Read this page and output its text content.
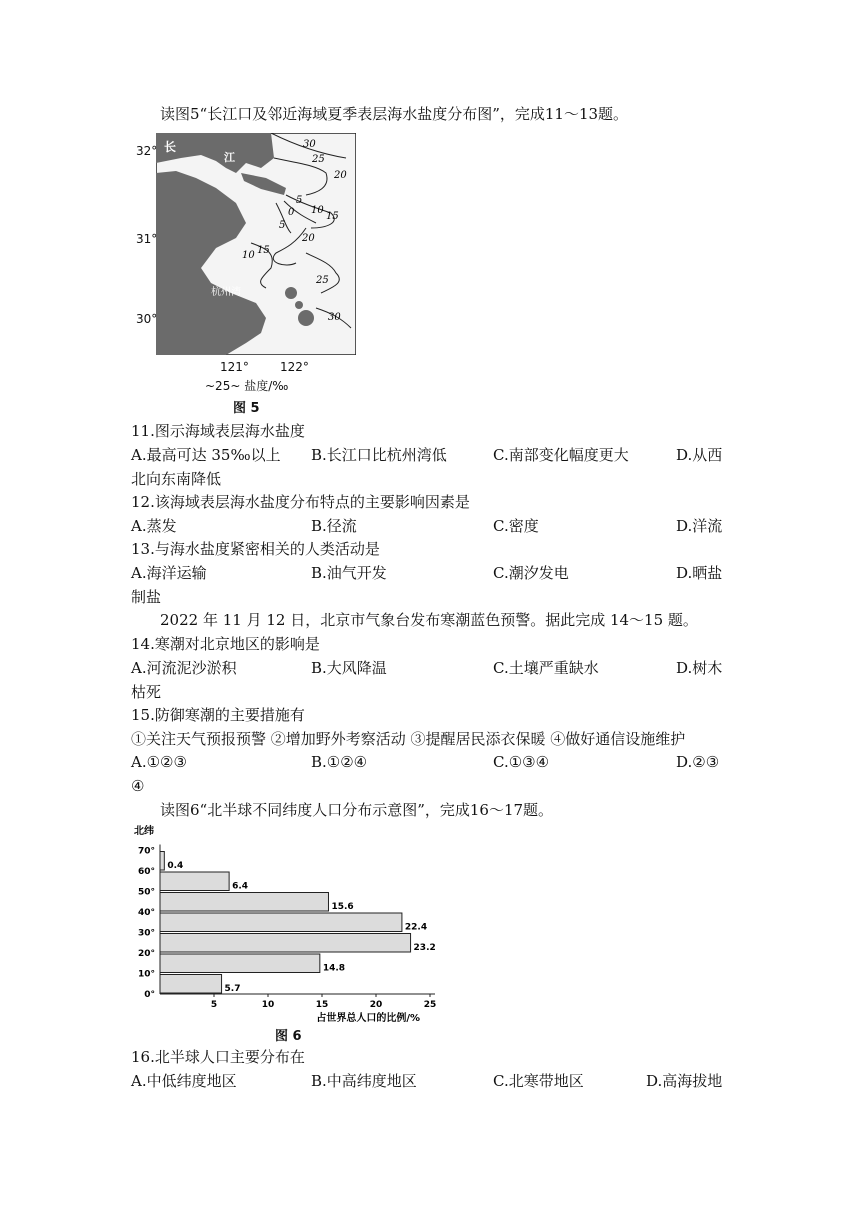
读图5“长江口及邻近海域夏季表层海水盐度分布图”，完成11～13题。
30
25
20
15
10
5
0
5
10 15
20
25
30
长
江
杭州湾
32°
31°
30°
121°	122°
~25~ 盐度/‰
图 5
11.图示海域表层海水盐度
A.最高可达 35‰以上 B.长江口比杭州湾低	C.南部变化幅度更大	D.从西
北向东南降低
12.该海域表层海水盐度分布特点的主要影响因素是
A.蒸发	B.径流	C.密度	D.洋流
13.与海水盐度紧密相关的人类活动是
A.海洋运输	B.油气开发	C.潮汐发电	D.晒盐
制盐
2022 年 11 月 12 日，北京市气象台发布寒潮蓝色预警。据此完成 14～15 题。
14.寒潮对北京地区的影响是
A.河流泥沙淤积	B.大风降温	C.土壤严重缺水	D.树木
枯死
15.防御寒潮的主要措施有
①关注天气预报预警 ②增加野外考察活动 ③提醒居民添衣保暖 ④做好通信设施维护
A.①②③	B.①②④	C.①③④	D.②③
④
读图6“北半球不同纬度人口分布示意图”，完成16～17题。
北纬
0°
10°
20°
30°
40°
50°
60°
70°
5	10	15	20	25
占世界总人口的比例/%
5.7
14.8
23.2
22.4
15.6
6.4
0.4
图 6
16.北半球人口主要分布在
A.中低纬度地区	B.中高纬度地区	C.北寒带地区	D.高海拔地
